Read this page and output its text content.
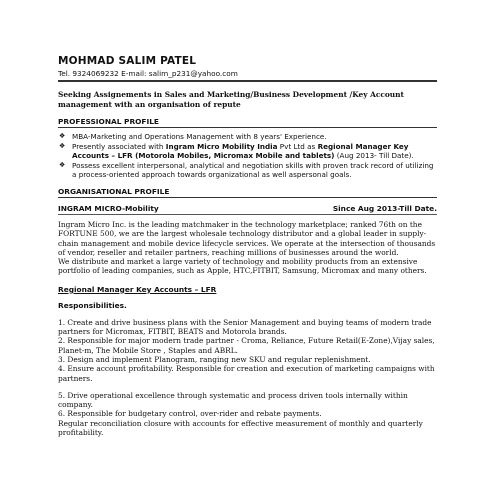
MOHMAD SALIM PATEL
Tel. 9324069232 E-mail: salim_p231@yahoo.com
Seeking Assignements in Sales and Marketing/Business Development /Key Account management with an organisation of repute
PROFESSIONAL PROFILE
❖ MBA-Marketing and Operations Management with 8 years' Experience.
❖ Presently associated with Ingram Micro Mobility India Pvt Ltd as Regional Manager Key Accounts – LFR (Motorola Mobiles, Micromax Mobile and tablets) (Aug 2013- Till Date).
❖ Possess excellent interpersonal, analytical and negotiation skills with proven track record of utilizing a process-oriented approach towards organizational as well aspersonal goals.
ORGANISATIONAL PROFILE
INGRAM MICRO-Mobility	Since Aug 2013-Till Date.
Ingram Micro Inc. is the leading matchmaker in the technology marketplace; ranked 76th on the FORTUNE 500, we are the largest wholesale technology distributor and a global leader in supply-chain management and mobile device lifecycle services. We operate at the intersection of thousands of vendor, reseller and retailer partners, reaching millions of businesses around the world.
We distribute and market a large variety of technology and mobility products from an extensive portfolio of leading companies, such as Apple, HTC,FITBIT, Samsung, Micromax and many others.
Regional Manager Key Accounts – LFR
Responsibilities.
1. Create and drive business plans with the Senior Management and buying teams of modern trade partners for Micromax, FITBIT, BEATS and Motorola brands.
2. Responsible for major modern trade partner - Croma, Reliance, Future Retail(E-Zone),Vijay sales, Planet-m, The Mobile Store , Staples and ABRL.
3. Design and implement Planogram, ranging new SKU and regular replenishment.
4. Ensure account profitability. Responsible for creation and execution of marketing campaigns with partners.
5. Drive operational excellence through systematic and process driven tools internally within company.
6. Responsible for budgetary control, over-rider and rebate payments.
Regular reconciliation closure with accounts for effective measurement of monthly and quarterly profitability.
